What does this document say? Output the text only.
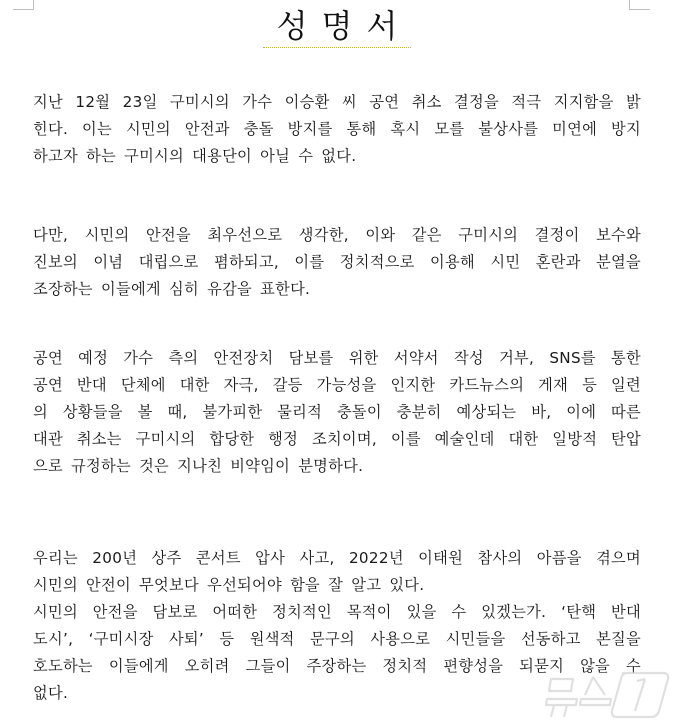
성명서
지난 12월 23일 구미시의 가수 이승환 씨 공연 취소 결정을 적극 지지함을 밝
힌다. 이는 시민의 안전과 충돌 방지를 통해 혹시 모를 불상사를 미연에 방지
하고자 하는 구미시의 대용단이 아닐 수 없다.
다만, 시민의 안전을 최우선으로 생각한, 이와 같은 구미시의 결정이 보수와
진보의 이념 대립으로 폄하되고, 이를 정치적으로 이용해 시민 혼란과 분열을
조장하는 이들에게 심히 유감을 표한다.
공연 예정 가수 측의 안전장치 담보를 위한 서약서 작성 거부, SNS를 통한
공연 반대 단체에 대한 자극, 갈등 가능성을 인지한 카드뉴스의 게재 등 일련
의 상황들을 볼 때, 불가피한 물리적 충돌이 충분히 예상되는 바, 이에 따른
대관 취소는 구미시의 합당한 행정 조치이며, 이를 예술인데 대한 일방적 탄압
으로 규정하는 것은 지나친 비약임이 분명하다.
우리는 200년 상주 콘서트 압사 사고, 2022년 이태원 참사의 아픔을 겪으며
시민의 안전이 무엇보다 우선되어야 함을 잘 알고 있다.
시민의 안전을 담보로 어떠한 정치적인 목적이 있을 수 있겠는가. ‘탄핵 반대
도시’, ‘구미시장 사퇴’ 등 원색적 문구의 사용으로 시민들을 선동하고 본질을
호도하는 이들에게 오히려 그들이 주장하는 정치적 편향성을 되묻지 않을 수
없다.
